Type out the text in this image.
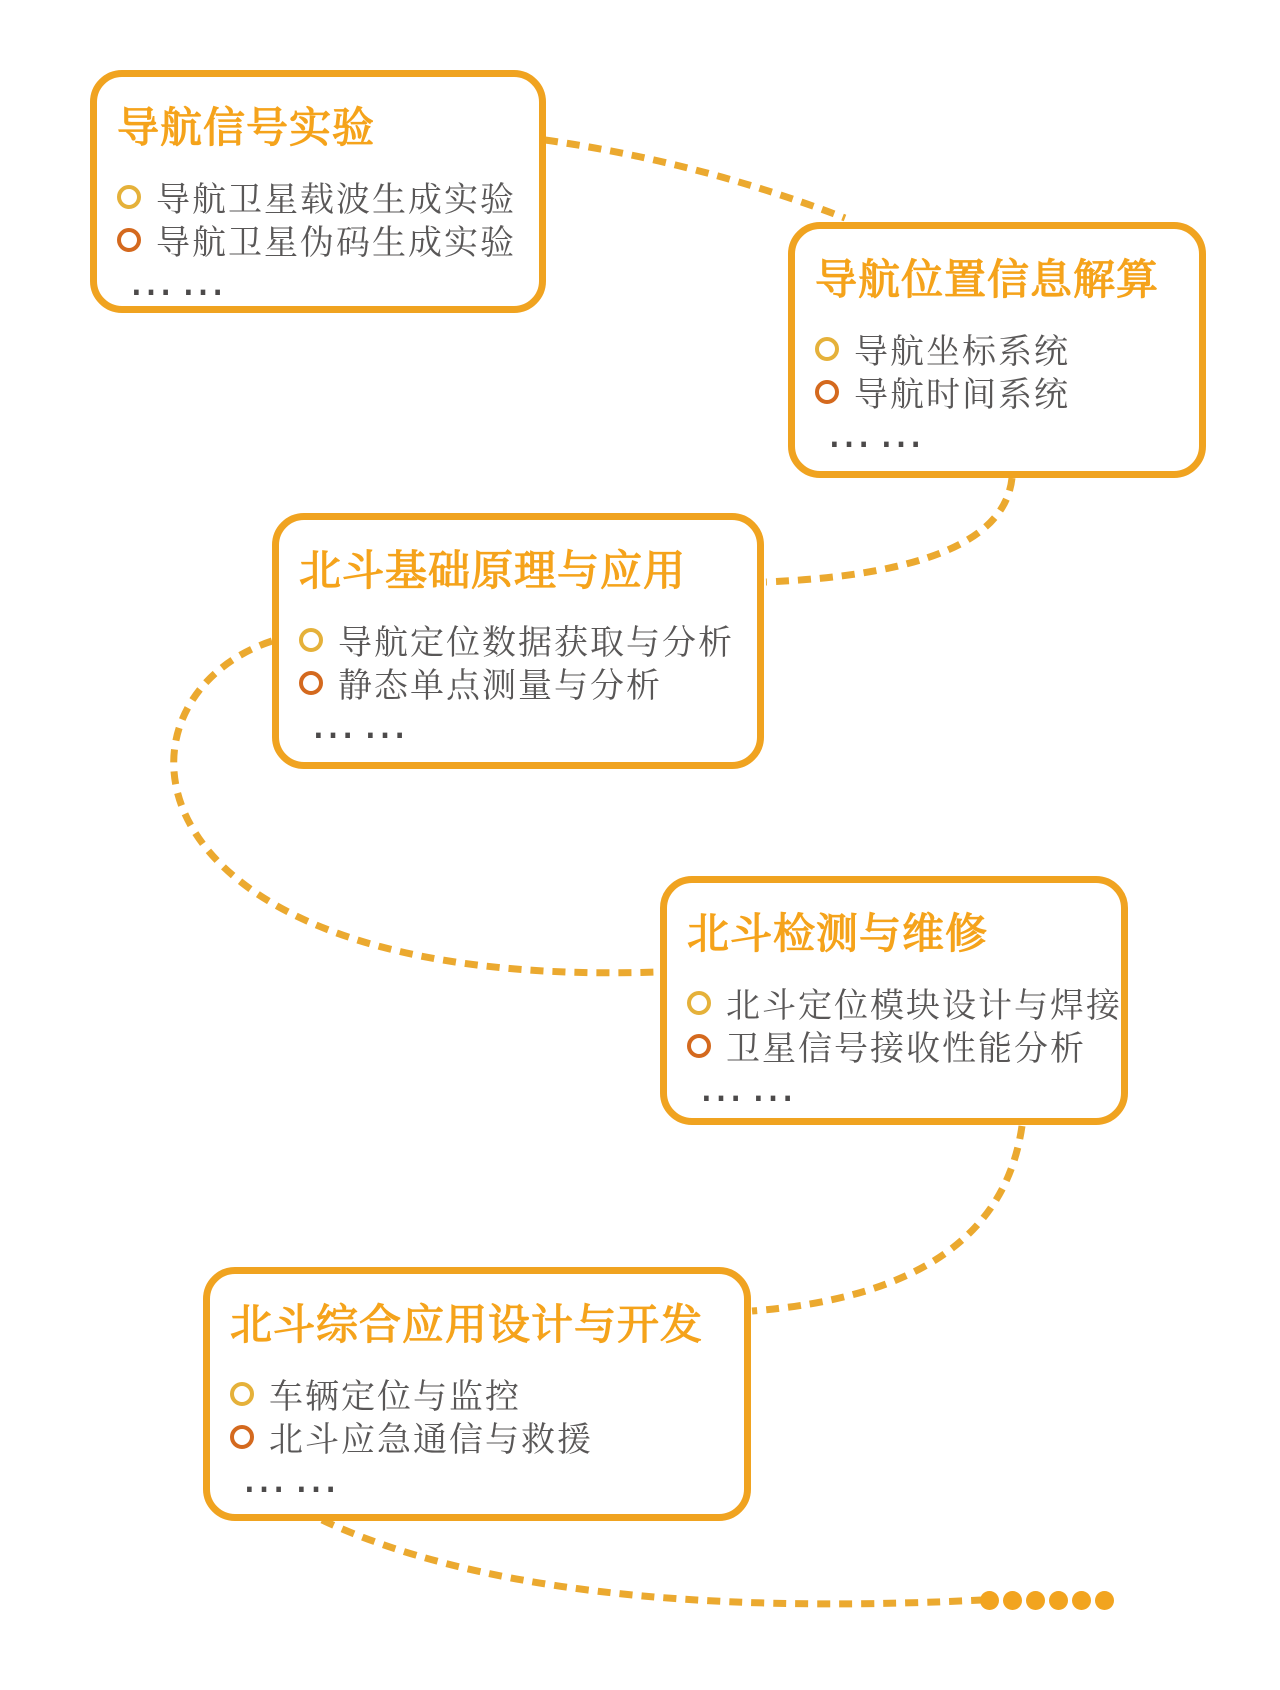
导航信号实验
导航卫星载波生成实验
导航卫星伪码生成实验
……	导航位置信息解算
导航坐标系统
导航时间系统
……
北斗基础原理与应用
导航定位数据获取与分析
静态单点测量与分析
……
北斗检测与维修
北斗定位模块设计与焊接
卫星信号接收性能分析
……
北斗综合应用设计与开发
车辆定位与监控
北斗应急通信与救援
……
